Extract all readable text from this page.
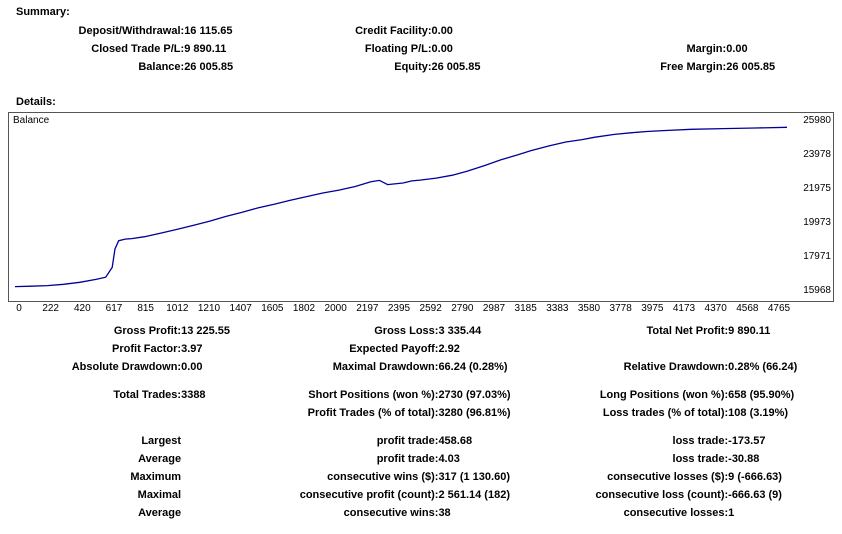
Summary:
Deposit/Withdrawal:	16 115.65	Credit Facility:	0.00		
Closed Trade P/L:	9 890.11	Floating P/L:	0.00	Margin:	0.00
Balance:	26 005.85	Equity:	26 005.85	Free Margin:	26 005.85
Details:
Balance	25980
23978
21975
19973
17971
15968
0 222 420 617 815 1012 1210 1407 1605 1802 2000 2197 2395 2592 2790 2987 3185 3383 3580 3778 3975 4173 4370 4568 4765
Gross Profit:	13 225.55	Gross Loss:	3 335.44	Total Net Profit:	9 890.11
Profit Factor:	3.97	Expected Payoff:	2.92		
Absolute Drawdown:	0.00	Maximal Drawdown:	66.24 (0.28%)	Relative Drawdown:	0.28% (66.24)

Total Trades:	3388	Short Positions (won %):	2730 (97.03%)	Long Positions (won %):	658 (95.90%)
		Profit Trades (% of total):	3280 (96.81%)	Loss trades (% of total):	108 (3.19%)

Largest		profit trade:	458.68	loss trade:	-173.57
Average		profit trade:	4.03	loss trade:	-30.88
Maximum		consecutive wins ($):	317 (1 130.60)	consecutive losses ($):	9 (-666.63)
Maximal		consecutive profit (count):	2 561.14 (182)	consecutive loss (count):	-666.63 (9)
Average		consecutive wins:	38	consecutive losses:	1
